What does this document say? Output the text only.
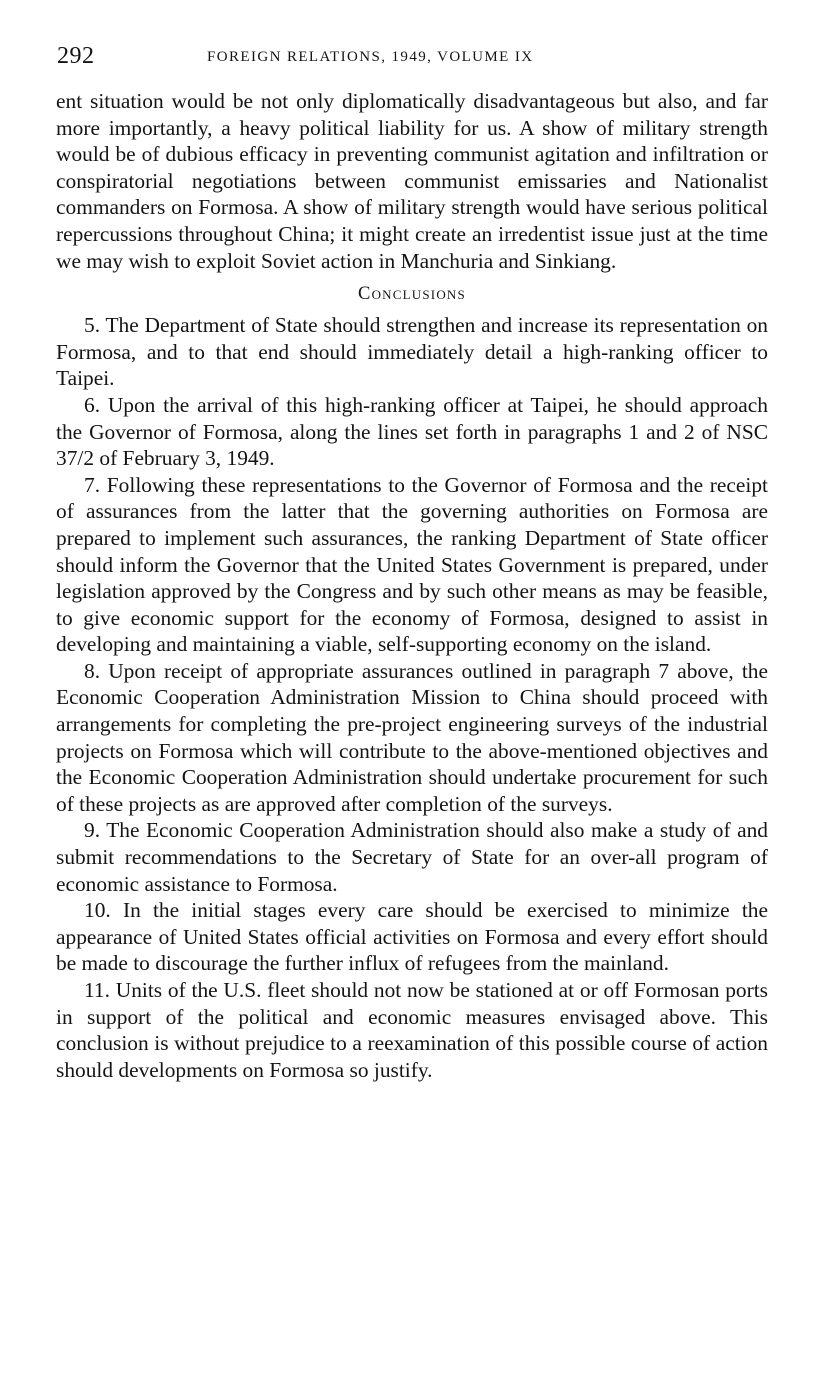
292	FOREIGN RELATIONS, 1949, VOLUME IX

ent situation would be not only diplomatically disadvantageous but also, and far more importantly, a heavy political liability for us. A show of military strength would be of dubious efficacy in preventing communist agitation and infiltration or conspiratorial negotiations between communist emissaries and Nationalist commanders on Formosa. A show of military strength would have serious political repercussions throughout China; it might create an irredentist issue just at the time we may wish to exploit Soviet action in Manchuria and Sinkiang.

Conclusions

5. The Department of State should strengthen and increase its representation on Formosa, and to that end should immediately detail a high-ranking officer to Taipei.

6. Upon the arrival of this high-ranking officer at Taipei, he should approach the Governor of Formosa, along the lines set forth in paragraphs 1 and 2 of NSC 37/2 of February 3, 1949.

7. Following these representations to the Governor of Formosa and the receipt of assurances from the latter that the governing authorities on Formosa are prepared to implement such assurances, the ranking Department of State officer should inform the Governor that the United States Government is prepared, under legislation approved by the Congress and by such other means as may be feasible, to give economic support for the economy of Formosa, designed to assist in developing and maintaining a viable, self-supporting economy on the island.

8. Upon receipt of appropriate assurances outlined in paragraph 7 above, the Economic Cooperation Administration Mission to China should proceed with arrangements for completing the pre-project engineering surveys of the industrial projects on Formosa which will contribute to the above-mentioned objectives and the Economic Cooperation Administration should undertake procurement for such of these projects as are approved after completion of the surveys.

9. The Economic Cooperation Administration should also make a study of and submit recommendations to the Secretary of State for an over-all program of economic assistance to Formosa.

10. In the initial stages every care should be exercised to minimize the appearance of United States official activities on Formosa and every effort should be made to discourage the further influx of refugees from the mainland.

11. Units of the U.S. fleet should not now be stationed at or off Formosan ports in support of the political and economic measures envisaged above. This conclusion is without prejudice to a reexamination of this possible course of action should developments on Formosa so justify.
